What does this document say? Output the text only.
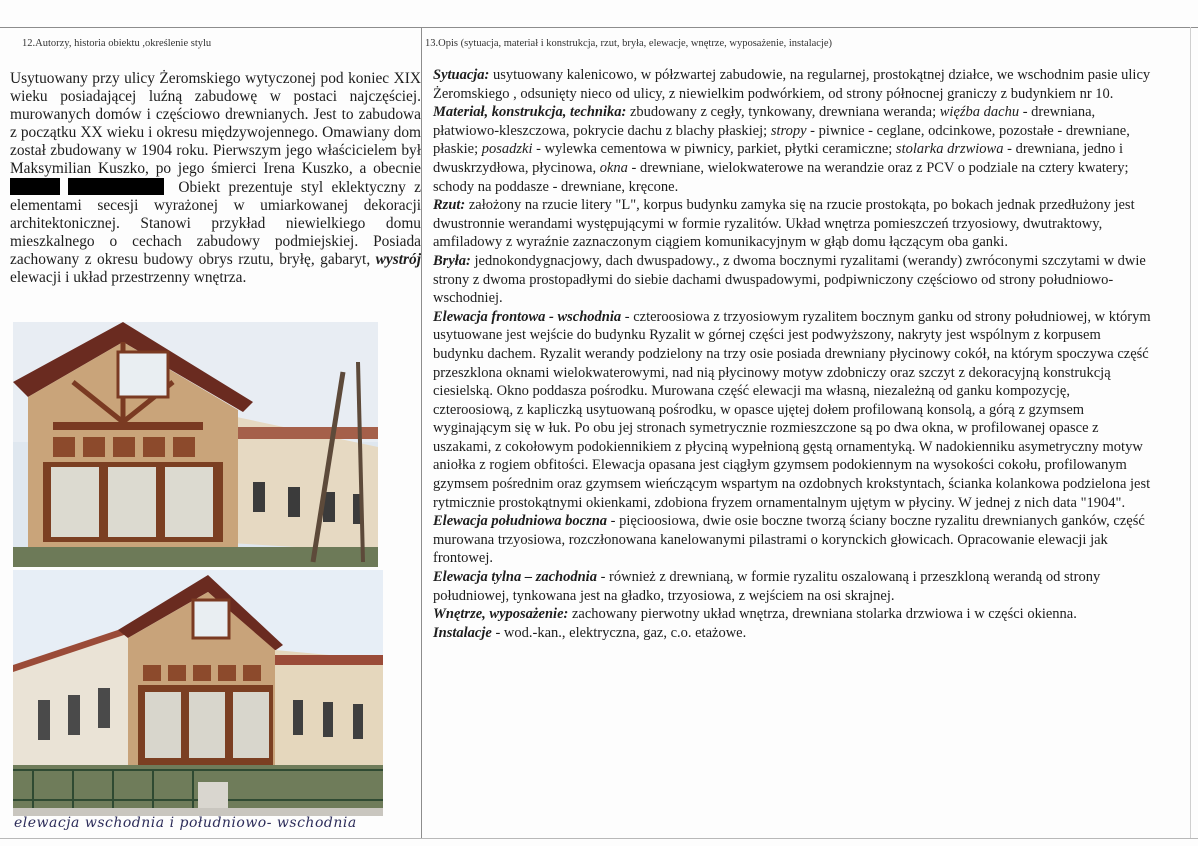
12.Autorzy, historia obiektu ,określenie stylu	13.Opis (sytuacja, materiał i konstrukcja, rzut, bryła, elewacje, wnętrze, wyposażenie, instalacje)

Usytuowany przy ulicy Żeromskiego wytyczonej pod koniec XIX wieku posiadającej luźną zabudowę w postaci najczęściej. murowanych domów i częściowo drewnianych. Jest to zabudowa z początku XX wieku i okresu międzywojennego. Omawiany dom został zbudowany w 1904 roku. Pierwszym jego właścicielem był Maksymilian Kuszko, po jego śmierci Irena Kuszko, a obecnie  Obiekt prezentuje styl eklektyczny z elementami secesji wyrażonej w umiarkowanej dekoracji architektonicznej. Stanowi przykład niewielkiego domu mieszkalnego o cechach zabudowy podmiejskiej. Posiada zachowany z okresu budowy obrys rzutu, bryłę, gabaryt, wystrój elewacji i układ przestrzenny wnętrza.

elewacja wschodnia i południowo- wschodnia

Sytuacja: usytuowany kalenicowo, w półzwartej zabudowie, na regularnej, prostokątnej działce, we wschodnim pasie ulicy Żeromskiego , odsunięty nieco od ulicy, z niewielkim podwórkiem, od strony północnej graniczy z budynkiem nr 10.

Materiał, konstrukcja, technika: zbudowany z cegły, tynkowany, drewniana weranda; więźba dachu - drewniana, płatwiowo-kleszczowa, pokrycie dachu z blachy płaskiej; stropy - piwnice - ceglane, odcinkowe, pozostałe - drewniane, płaskie; posadzki - wylewka cementowa w piwnicy, parkiet, płytki ceramiczne; stolarka drzwiowa - drewniana, jedno i dwuskrzydłowa, płycinowa, okna - drewniane, wielokwaterowe na werandzie oraz z PCV o podziale na cztery kwatery; schody na poddasze - drewniane, kręcone.

Rzut: założony na rzucie litery "L", korpus budynku zamyka się na rzucie prostokąta, po bokach jednak przedłużony jest dwustronnie werandami występującymi w formie ryzalitów. Układ wnętrza pomieszczeń trzyosiowy, dwutraktowy, amfiladowy z wyraźnie zaznaczonym ciągiem komunikacyjnym w głąb domu łączącym oba ganki.

Bryła: jednokondygnacjowy, dach dwuspadowy., z dwoma bocznymi ryzalitami (werandy) zwróconymi szczytami w dwie strony z dwoma prostopadłymi do siebie dachami dwuspadowymi, podpiwniczony częściowo od strony południowo-wschodniej.

Elewacja frontowa - wschodnia - czteroosiowa z trzyosiowym ryzalitem bocznym ganku od strony południowej, w którym usytuowane jest wejście do budynku Ryzalit w górnej części jest podwyższony, nakryty jest wspólnym z korpusem budynku dachem. Ryzalit werandy podzielony na trzy osie posiada drewniany płycinowy cokół, na którym spoczywa część przeszklona oknami wielokwaterowymi, nad nią płycinowy motyw zdobniczy oraz szczyt z dekoracyjną konstrukcją ciesielską. Okno poddasza pośrodku. Murowana część elewacji ma własną, niezależną od ganku kompozycję, czteroosiową, z kapliczką usytuowaną pośrodku, w opasce ujętej dołem profilowaną konsolą, a górą z gzymsem wyginającym się w łuk. Po obu jej stronach symetrycznie rozmieszczone są po dwa okna, w profilowanej opasce z uszakami, z cokołowym podokiennikiem z płyciną wypełnioną gęstą ornamentyką. W nadokienniku asymetryczny motyw aniołka z rogiem obfitości. Elewacja opasana jest ciągłym gzymsem podokiennym na wysokości cokołu, profilowanym gzymsem pośrednim oraz gzymsem wieńczącym wspartym na ozdobnych krokstyntach, ścianka kolankowa podzielona jest rytmicznie prostokątnymi okienkami, zdobiona fryzem ornamentalnym ujętym w płyciny. W jednej z nich data "1904".

Elewacja południowa boczna - pięcioosiowa, dwie osie boczne tworzą ściany boczne ryzalitu drewnianych ganków, część murowana trzyosiowa, rozczłonowana kanelowanymi pilastrami o korynckich głowicach. Opracowanie elewacji jak frontowej.

Elewacja tylna – zachodnia - również z drewnianą, w formie ryzalitu oszalowaną i przeszkloną werandą od strony południowej, tynkowana jest na gładko, trzyosiowa, z wejściem na osi skrajnej.

Wnętrze, wyposażenie: zachowany pierwotny układ wnętrza, drewniana stolarka drzwiowa i w części okienna.

Instalacje - wod.-kan., elektryczna, gaz, c.o. etażowe.
